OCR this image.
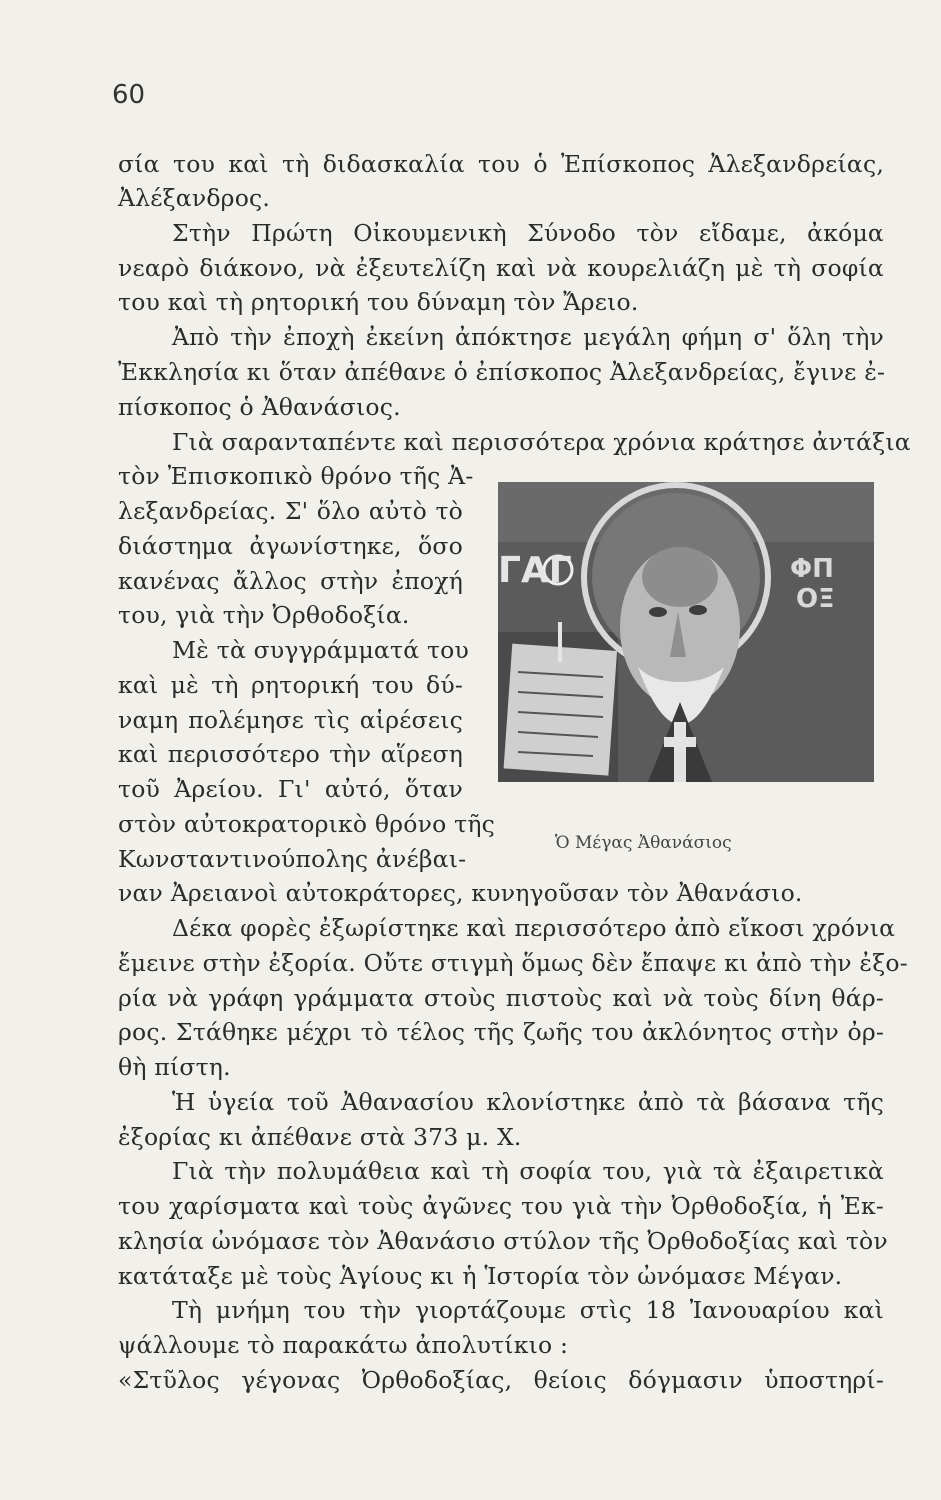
60
σία του καὶ τὴ διδασκαλία του ὁ Ἐπίσκοπος Ἀλεξανδρείας,
Ἀλέξανδρος.
Στὴν Πρώτη Οἰκουμενικὴ Σύνοδο τὸν εἴδαμε, ἀκόμα
νεαρὸ διάκονο, νὰ ἐξευτελίζη καὶ νὰ κουρελιάζη μὲ τὴ σοφία
του καὶ τὴ ρητορική του δύναμη τὸν Ἄρειο.
Ἀπὸ τὴν ἐποχὴ ἐκείνη ἀπόκτησε μεγάλη φήμη σ' ὅλη τὴν
Ἐκκλησία κι ὅταν ἀπέθανε ὁ ἐπίσκοπος Ἀλεξανδρείας, ἔγινε ἐ-
πίσκοπος ὁ Ἀθανάσιος.
Γιὰ σαρανταπέντε καὶ περισσότερα χρόνια κράτησε ἀντάξια
τὸν Ἐπισκοπικὸ θρόνο τῆς Ἀ-
λεξανδρείας. Σ' ὅλο αὐτὸ τὸ
διάστημα ἀγωνίστηκε, ὅσο
κανένας ἄλλος στὴν ἐποχή
του, γιὰ τὴν Ὀρθοδοξία.
Μὲ τὰ συγγράμματά του
καὶ μὲ τὴ ρητορική του δύ-
ναμη πολέμησε τὶς αἱρέσεις
καὶ περισσότερο τὴν αἵρεση
τοῦ Ἀρείου. Γι' αὐτό, ὅταν
στὸν αὐτοκρατορικὸ θρόνο τῆς
Κωνσταντινούπολης ἀνέβαι-
ναν Ἀρειανοὶ αὐτοκράτορες, κυνηγοῦσαν τὸν Ἀθανάσιο.
Δέκα φορὲς ἐξωρίστηκε καὶ περισσότερο ἀπὸ εἴκοσι χρόνια
ἔμεινε στὴν ἐξορία. Οὔτε στιγμὴ ὅμως δὲν ἔπαψε κι ἀπὸ τὴν ἐξο-
ρία νὰ γράφη γράμματα στοὺς πιστοὺς καὶ νὰ τοὺς δίνη θάρ-
ρος. Στάθηκε μέχρι τὸ τέλος τῆς ζωῆς του ἀκλόνητος στὴν ὀρ-
θὴ πίστη.
Ἡ ὑγεία τοῦ Ἀθανασίου κλονίστηκε ἀπὸ τὰ βάσανα τῆς
ἐξορίας κι ἀπέθανε στὰ 373 μ. Χ.
Γιὰ τὴν πολυμάθεια καὶ τὴ σοφία του, γιὰ τὰ ἐξαιρετικὰ
του χαρίσματα καὶ τοὺς ἀγῶνες του γιὰ τὴν Ὀρθοδοξία, ἡ Ἐκ-
κλησία ὠνόμασε τὸν Ἀθανάσιο στύλον τῆς Ὀρθοδοξίας καὶ τὸν
κατάταξε μὲ τοὺς Ἁγίους κι ἡ Ἱστορία τὸν ὠνόμασε Μέγαν.
Τὴ μνήμη του τὴν γιορτάζουμε στὶς 18 Ἰανουαρίου καὶ
ψάλλουμε τὸ παρακάτω ἀπολυτίκιο :
«Στῦλος γέγονας Ὀρθοδοξίας, θείοις δόγμασιν ὑποστηρί-
ΓΑΓ	ΦΠ
ΟΞ
Ὁ Μέγας Ἀθανάσιος
